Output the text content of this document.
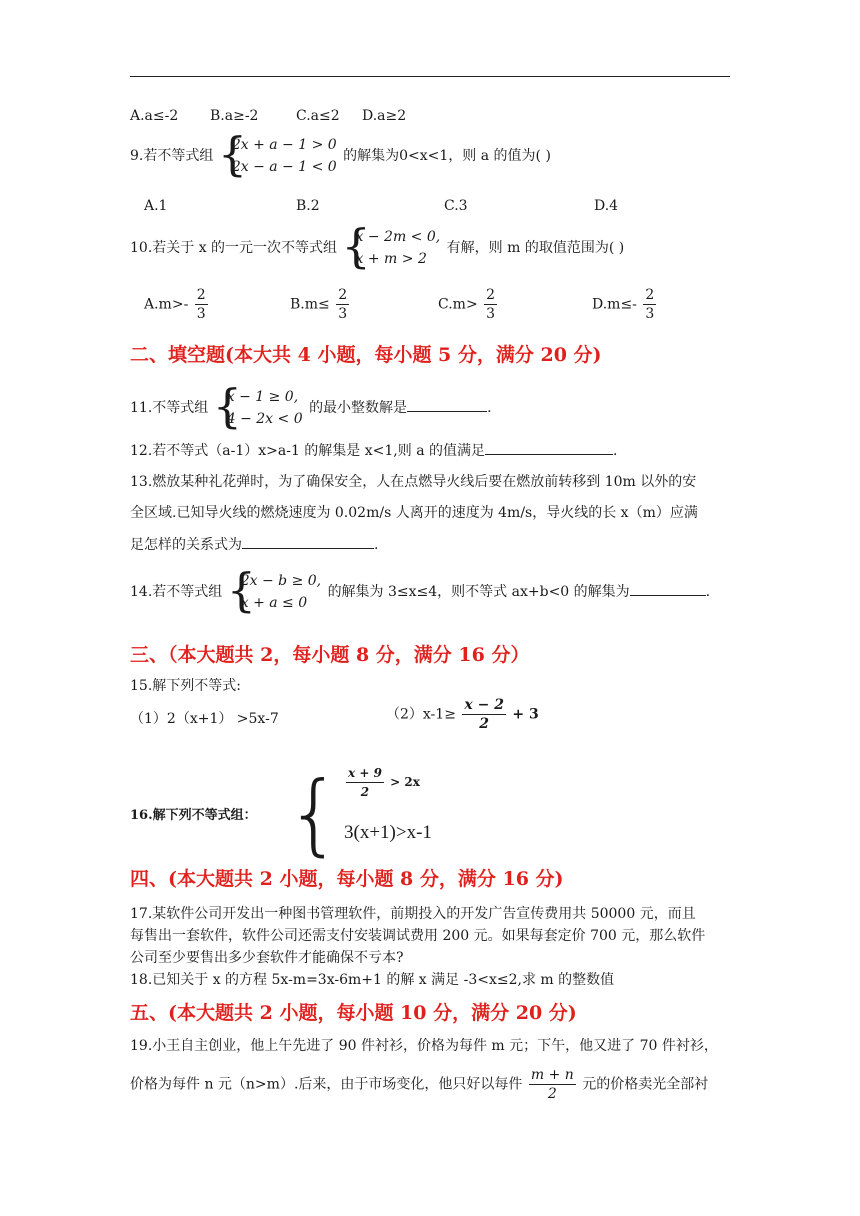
A.a≤-2 B.a≥-2	C.a≤2 D.a≥2
9.若不等式组
{ 2x + a − 1 > 0
2x − a − 1 < 0
的解集为0<x<1，则 a 的值为( )
A.1	B.2	C.3	D.4
10.若关于 x 的一元一次不等式组
{ x − 2m < 0,
x + m > 2
有解，则 m 的取值范围为( )
$A.m>- \frac{2}{3}$	$B.m\le \frac{2}{3}$	$C.m> \frac{2}{3}$	$D.m\le- \frac{2}{3}$
二、填空题(本大共 4 小题，每小题 5 分，满分 20 分)
11.不等式组
{ x − 1 ≥ 0,
4 − 2x < 0
的最小整数解是	.
12.若不等式（a-1）x>a-1 的解集是 x<1,则 a 的值满足	.
13.燃放某种礼花弹时，为了确保安全，人在点燃导火线后要在燃放前转移到 10m 以外的安
全区域.已知导火线的燃烧速度为 0.02m/s 人离开的速度为 4m/s，导火线的长 x（m）应满
足怎样的关系式为	.
14.若不等式组
{ 2x − b ≥ 0,
x + a ≤ 0
的解集为 3≤x≤4，则不等式 ax+b<0 的解集为	.
三、（本大题共 2，每小题 8 分，满分 16 分）
15.解下列不等式:
（1）2（x+1） >5x-7	$(2)x-1\ge \frac{x - 2}{2} + 3$
16.解下列不等式组： { $\frac{x + 9}{2} > 2x$
3(x+1)>x-1
四、(本大题共 2 小题，每小题 8 分，满分 16 分)
17.某软件公司开发出一种图书管理软件，前期投入的开发广告宣传费用共 50000 元，而且
每售出一套软件，软件公司还需支付安装调试费用 200 元。如果每套定价 700 元，那么软件
公司至少要售出多少套软件才能确保不亏本?
18.已知关于 x 的方程 5x-m=3x-6m+1 的解 x 满足 -3<x≤2,求 m 的整数值
五、(本大题共 2 小题，每小题 10 分，满分 20 分)
19.小王自主创业，他上午先进了 90 件衬衫，价格为每件 m 元；下午，他又进了 70 件衬衫，
价格为每件 n 元（n>m）.后来，由于市场变化，他只好以每件 $\frac{m + n}{2}$ 元的价格卖光全部衬
